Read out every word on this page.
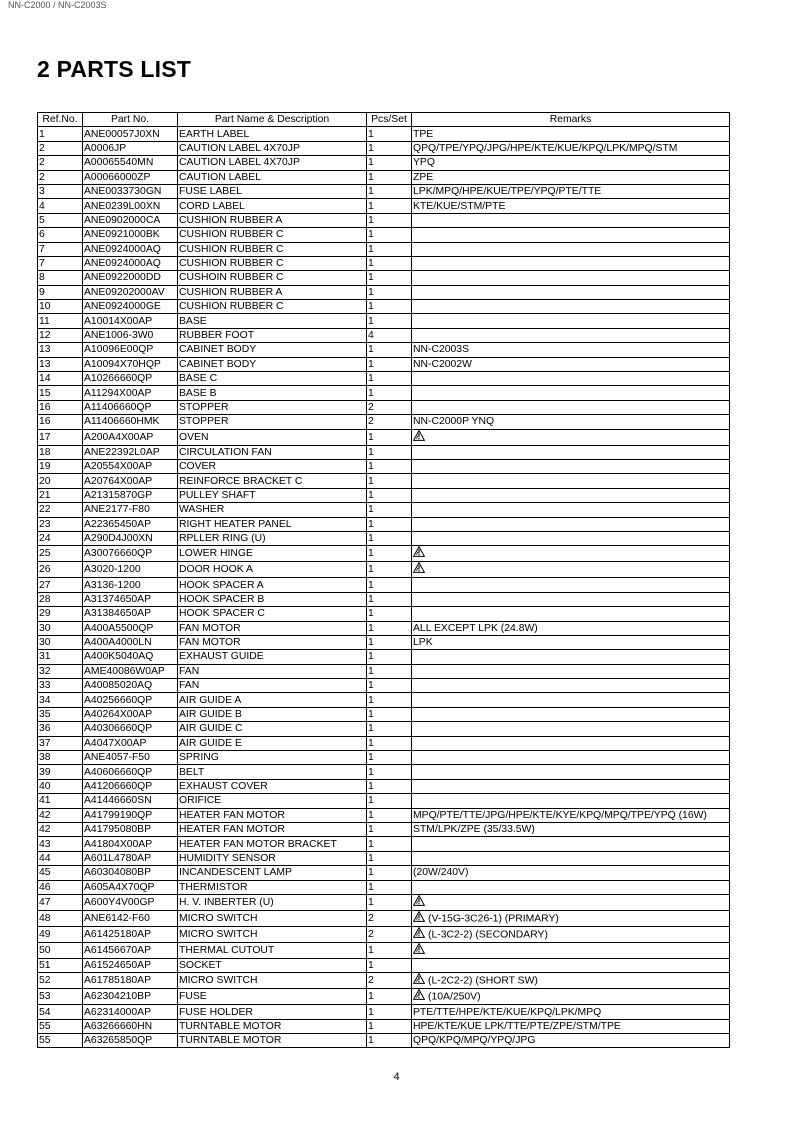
NN-C2000 / NN-C2003S
2 PARTS LIST
Ref.No.	Part No.	Part Name & Description	Pcs/Set	Remarks
1	ANE00057J0XN	EARTH LABEL	1	TPE
2	A0006JP	CAUTION LABEL 4X70JP	1	QPQ/TPE/YPQ/JPG/HPE/KTE/KUE/KPQ/LPK/MPQ/STM
2	A00065540MN	CAUTION LABEL 4X70JP	1	YPQ
2	A00066000ZP	CAUTION LABEL	1	ZPE
3	ANE0033730GN	FUSE LABEL	1	LPK/MPQ/HPE/KUE/TPE/YPQ/PTE/TTE
4	ANE0239L00XN	CORD LABEL	1	KTE/KUE/STM/PTE
5	ANE0902000CA	CUSHION RUBBER A	1	
6	ANE0921000BK	CUSHION RUBBER C	1	
7	ANE0924000AQ	CUSHION RUBBER C	1	
7	ANE0924000AQ	CUSHION RUBBER C	1	
8	ANE0922000DD	CUSHOIN RUBBER C	1	
9	ANE09202000AV	CUSHION RUBBER A	1	
10	ANE0924000GE	CUSHION RUBBER C	1	
11	A10014X00AP	BASE	1	
12	ANE1006-3W0	RUBBER FOOT	4	
13	A10096E00QP	CABINET BODY	1	NN-C2003S
13	A10094X70HQP	CABINET BODY	1	NN-C2002W
14	A10266660QP	BASE C	1	
15	A11294X00AP	BASE B	1	
16	A11406660QP	STOPPER	2	
16	A11406660HMK	STOPPER	2	NN-C2000P YNQ
17	A200A4X00AP	OVEN	1	
18	ANE22392L0AP	CIRCULATION FAN	1	
19	A20554X00AP	COVER	1	
20	A20764X00AP	REINFORCE BRACKET C	1	
21	A21315870GP	PULLEY SHAFT	1	
22	ANE2177-F80	WASHER	1	
23	A22365450AP	RIGHT HEATER PANEL	1	
24	A290D4J00XN	RPLLER RING (U)	1	
25	A30076660QP	LOWER HINGE	1	
26	A3020-1200	DOOR HOOK A	1	
27	A3136-1200	HOOK SPACER A	1	
28	A31374650AP	HOOK SPACER B	1	
29	A31384650AP	HOOK SPACER C	1	
30	A400A5500QP	FAN MOTOR	1	ALL EXCEPT LPK (24.8W)
30	A400A4000LN	FAN MOTOR	1	LPK
31	A400K5040AQ	EXHAUST GUIDE	1	
32	AME40086W0AP	FAN	1	
33	A40085020AQ	FAN	1	
34	A40256660QP	AIR GUIDE A	1	
35	A40264X00AP	AIR GUIDE B	1	
36	A40306660QP	AIR GUIDE C	1	
37	A4047X00AP	AIR GUIDE E	1	
38	ANE4057-F50	SPRING	1	
39	A40606660QP	BELT	1	
40	A41206660QP	EXHAUST COVER	1	
41	A41446660SN	ORIFICE	1	
42	A41799190QP	HEATER FAN MOTOR	1	MPQ/PTE/TTE/JPG/HPE/KTE/KYE/KPQ/MPQ/TPE/YPQ (16W)
42	A41795080BP	HEATER FAN MOTOR	1	STM/LPK/ZPE (35/33.5W)
43	A41804X00AP	HEATER FAN MOTOR BRACKET	1	
44	A601L4780AP	HUMIDITY SENSOR	1	
45	A60304080BP	INCANDESCENT LAMP	1	(20W/240V)
46	A605A4X70QP	THERMISTOR	1	
47	A600Y4V00GP	H. V. INBERTER (U)	1	
48	ANE6142-F60	MICRO SWITCH	2	(V-15G-3C26-1) (PRIMARY)
49	A61425180AP	MICRO SWITCH	2	(L-3C2-2) (SECONDARY)
50	A61456670AP	THERMAL CUTOUT	1	
51	A61524650AP	SOCKET	1	
52	A61785180AP	MICRO SWITCH	2	(L-2C2-2) (SHORT SW)
53	A62304210BP	FUSE	1	(10A/250V)
54	A62314000AP	FUSE HOLDER	1	PTE/TTE/HPE/KTE/KUE/KPQ/LPK/MPQ
55	A63266660HN	TURNTABLE MOTOR	1	HPE/KTE/KUE LPK/TTE/PTE/ZPE/STM/TPE
55	A63265850QP	TURNTABLE MOTOR	1	QPQ/KPQ/MPQ/YPQ/JPG
4
